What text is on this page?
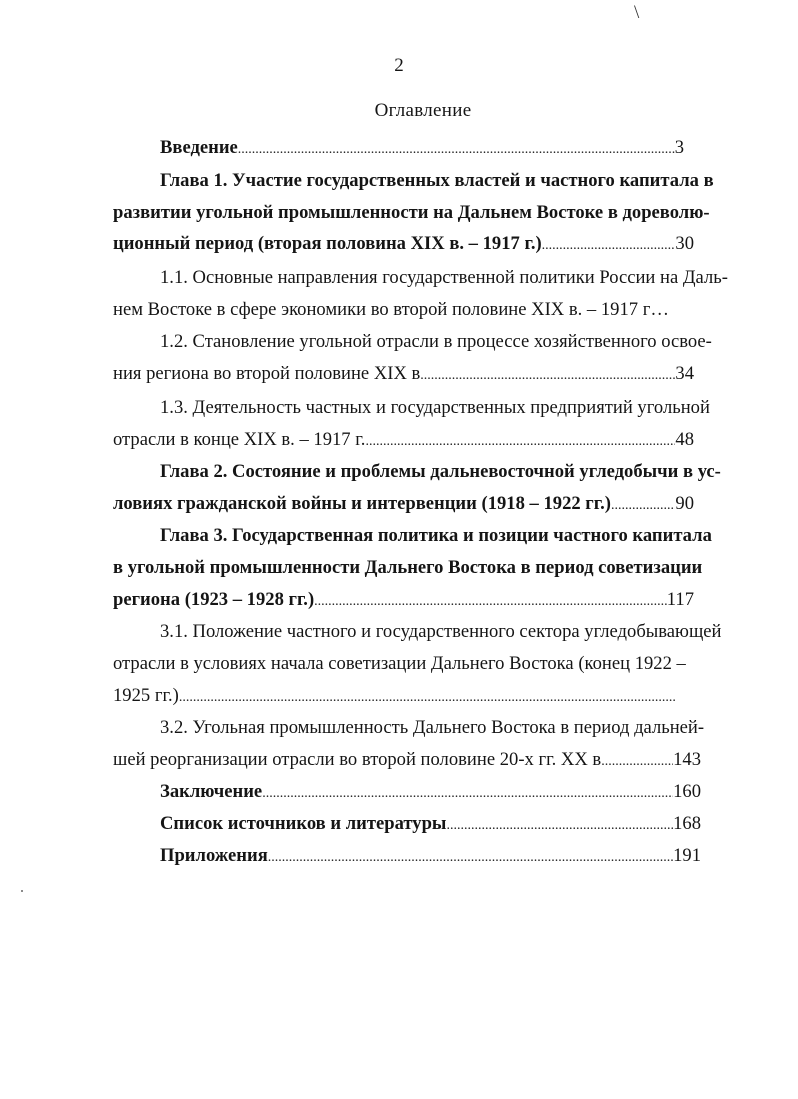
\
2
Оглавление
Введение .....	3
Глава 1. Участие государственных властей и частного капитала в
развитии угольной промышленности на Дальнем Востоке в дореволю-
ционный период (вторая половина XIX в. – 1917 г.) .....	30
1.1. Основные направления государственной политики России на Даль-
нем Востоке в сфере экономики во второй половине XIX в. – 1917 г…
1.2. Становление угольной отрасли в процессе хозяйственного освое-
ния региона во второй половине XIX в .....	34
1.3. Деятельность частных и государственных предприятий угольной
отрасли в конце XIX в. – 1917 г. .....	48
Глава 2. Состояние и проблемы дальневосточной угледобычи в ус-
ловиях гражданской войны и интервенции (1918 – 1922 гг.) .....	90
Глава 3. Государственная политика и позиции частного капитала
в угольной промышленности Дальнего Востока в период советизации
региона (1923 – 1928 гг.) .....	117
3.1. Положение частного и государственного сектора угледобывающей
отрасли в условиях начала советизации Дальнего Востока (конец 1922 –
1925 гг.)
.....
3.2. Угольная промышленность Дальнего Востока в период дальней-
шей реорганизации отрасли во второй половине 20-х гг. XX в .....	143
Заключение .....	160
Список источников и литературы .....	168
Приложения .....	191
